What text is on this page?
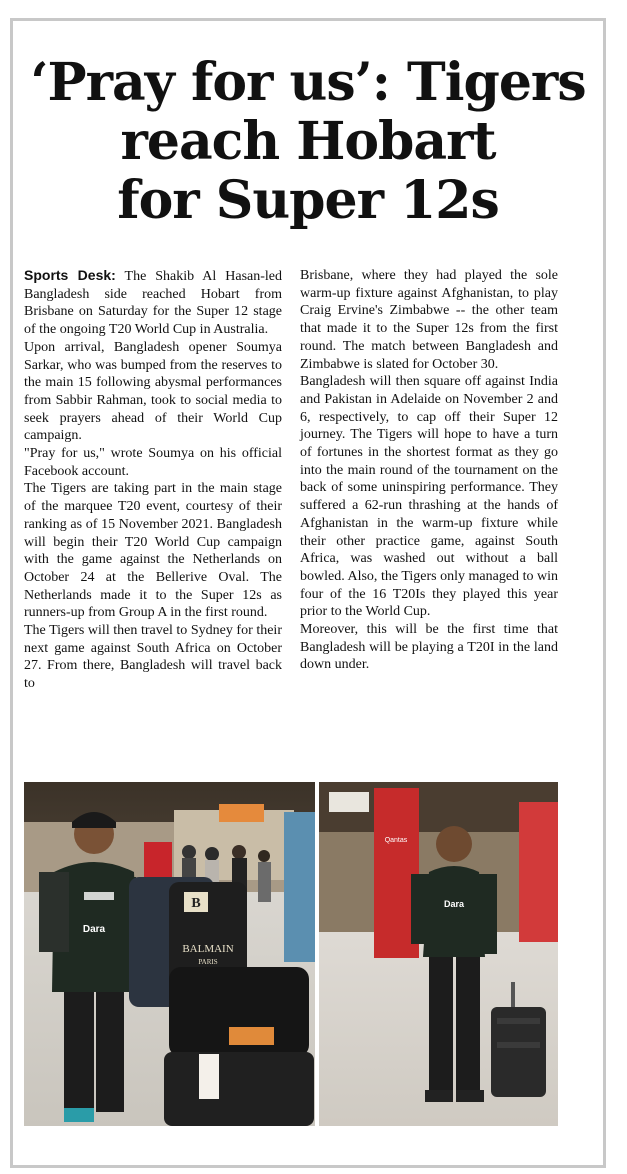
‘Pray for us’: Tigers
reach Hobart
for Super 12s

Sports Desk: The Shakib Al Hasan-led Bangladesh side reached Hobart from Brisbane on Saturday for the Super 12 stage of the ongoing T20 World Cup in Australia.

Upon arrival, Bangladesh opener Soumya Sarkar, who was bumped from the reserves to the main 15 following abysmal performances from Sabbir Rahman, took to social media to seek prayers ahead of their World Cup campaign.

"Pray for us," wrote Soumya on his official Facebook account.

The Tigers are taking part in the main stage of the marquee T20 event, courtesy of their ranking as of 15 November 2021. Bangladesh will begin their T20 World Cup campaign with the game against the Netherlands on October 24 at the Bellerive Oval. The Netherlands made it to the Super 12s as runners-up from Group A in the first round.

The Tigers will then travel to Sydney for their next game against South Africa on October 27. From there, Bangladesh will travel back to

Brisbane, where they had played the sole warm-up fixture against Afghanistan, to play Craig Ervine's Zimbabwe -- the other team that made it to the Super 12s from the first round. The match between Bangladesh and Zimbabwe is slated for October 30.

Bangladesh will then square off against India and Pakistan in Adelaide on November 2 and 6, respectively, to cap off their Super 12 journey. The Tigers will hope to have a turn of fortunes in the shortest format as they go into the main round of the tournament on the back of some uninspiring performance. They suffered a 62-run thrashing at the hands of Afghanistan in the warm-up fixture while their other practice game, against South Africa, was washed out without a ball bowled. Also, the Tigers only managed to win four of the 16 T20Is they played this year prior to the World Cup.

Moreover, this will be the first time that Bangladesh will be playing a T20I in the land down under.

B
BALMAIN
PARIS
Dara
Qantas
Dara
